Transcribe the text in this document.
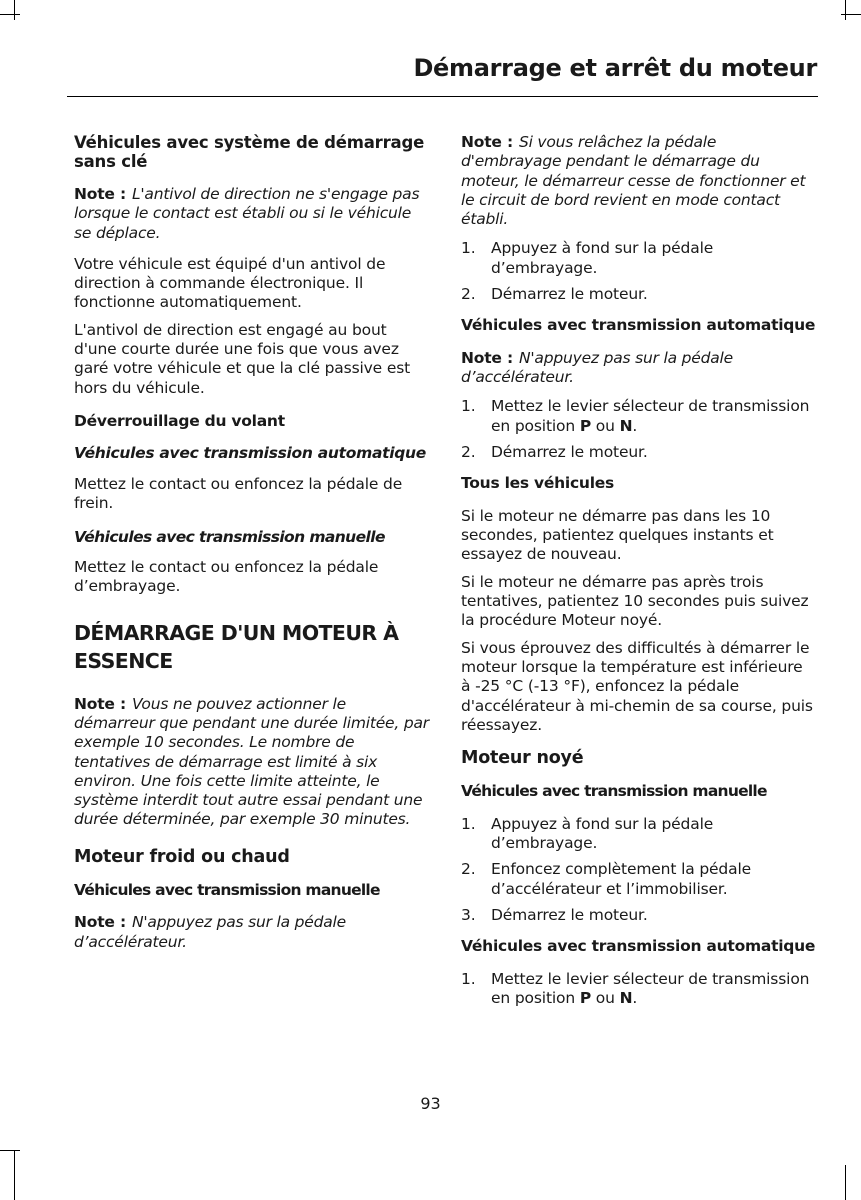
Démarrage et arrêt du moteur
Véhicules avec système de démarrage sans clé
Note : L'antivol de direction ne s'engage pas lorsque le contact est établi ou si le véhicule se déplace.

Votre véhicule est équipé d'un antivol de direction à commande électronique. Il fonctionne automatiquement.

L'antivol de direction est engagé au bout d'une courte durée une fois que vous avez garé votre véhicule et que la clé passive est hors du véhicule.

Déverrouillage du volant
Véhicules avec transmission automatique

Mettez le contact ou enfoncez la pédale de frein.

Véhicules avec transmission manuelle

Mettez le contact ou enfoncez la pédale d’embrayage.

DÉMARRAGE D'UN MOTEUR À ESSENCE
Note : Vous ne pouvez actionner le démarreur que pendant une durée limitée, par exemple 10 secondes. Le nombre de tentatives de démarrage est limité à six environ. Une fois cette limite atteinte, le système interdit tout autre essai pendant une durée déterminée, par exemple 30 minutes.
Moteur froid ou chaud
Véhicules avec transmission manuelle
Note : N'appuyez pas sur la pédale d’accélérateur.
Note : Si vous relâchez la pédale d'embrayage pendant le démarrage du moteur, le démarreur cesse de fonctionner et le circuit de bord revient en mode contact établi.
1. Appuyez à fond sur la pédale d’embrayage.
2. Démarrez le moteur.
Véhicules avec transmission automatique
Note : N'appuyez pas sur la pédale d’accélérateur.
1. Mettez le levier sélecteur de transmission en position P ou N.
2. Démarrez le moteur.
Tous les véhicules

Si le moteur ne démarre pas dans les 10 secondes, patientez quelques instants et essayez de nouveau.

Si le moteur ne démarre pas après trois tentatives, patientez 10 secondes puis suivez la procédure Moteur noyé.

Si vous éprouvez des difficultés à démarrer le moteur lorsque la température est inférieure à -25 °C (-13 °F), enfoncez la pédale d'accélérateur à mi-chemin de sa course, puis réessayez.

Moteur noyé
Véhicules avec transmission manuelle
1. Appuyez à fond sur la pédale d’embrayage.
2. Enfoncez complètement la pédale d’accélérateur et l’immobiliser.
3. Démarrez le moteur.
Véhicules avec transmission automatique
1. Mettez le levier sélecteur de transmission en position P ou N.
93
